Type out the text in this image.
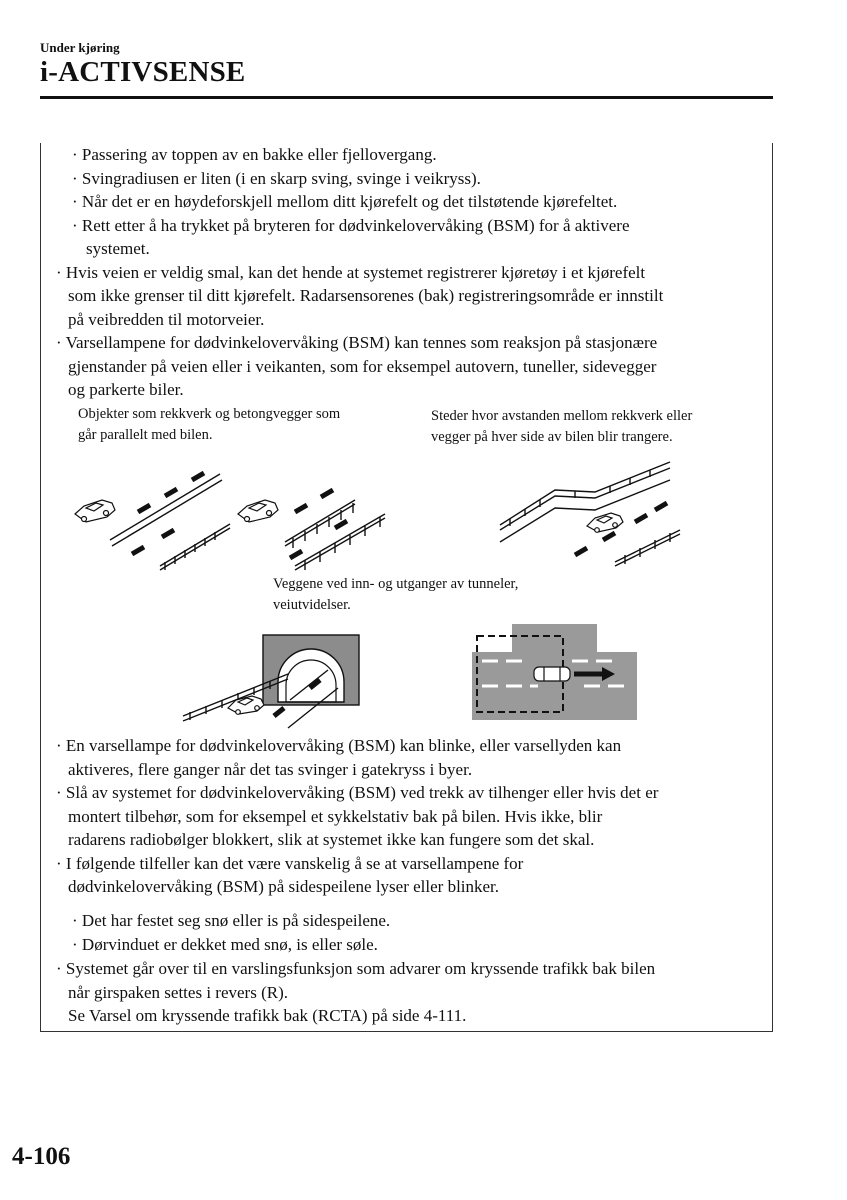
Under kjøring
i-ACTIVSENSE
· Passering av toppen av en bakke eller fjellovergang.
· Svingradiusen er liten (i en skarp sving, svinge i veikryss).
· Når det er en høydeforskjell mellom ditt kjørefelt og det tilstøtende kjørefeltet.
· Rett etter å ha trykket på bryteren for dødvinkelovervåking (BSM) for å aktivere
systemet.
· Hvis veien er veldig smal, kan det hende at systemet registrerer kjøretøy i et kjørefelt
som ikke grenser til ditt kjørefelt. Radarsensorenes (bak) registreringsområde er innstilt
på veibredden til motorveier.
· Varsellampene for dødvinkelovervåking (BSM) kan tennes som reaksjon på stasjonære
gjenstander på veien eller i veikanten, som for eksempel autovern, tuneller, sidevegger
og parkerte biler.
Objekter som rekkverk og betongvegger som
går parallelt med bilen.
Steder hvor avstanden mellom rekkverk eller
vegger på hver side av bilen blir trangere.
Veggene ved inn- og utganger av tunneler,
veiutvidelser.
· En varsellampe for dødvinkelovervåking (BSM) kan blinke, eller varsellyden kan
aktiveres, flere ganger når det tas svinger i gatekryss i byer.
· Slå av systemet for dødvinkelovervåking (BSM) ved trekk av tilhenger eller hvis det er
montert tilbehør, som for eksempel et sykkelstativ bak på bilen. Hvis ikke, blir
radarens radiobølger blokkert, slik at systemet ikke kan fungere som det skal.
· I følgende tilfeller kan det være vanskelig å se at varsellampene for
dødvinkelovervåking (BSM) på sidespeilene lyser eller blinker.
· Det har festet seg snø eller is på sidespeilene.
· Dørvinduet er dekket med snø, is eller søle.
· Systemet går over til en varslingsfunksjon som advarer om kryssende trafikk bak bilen
når girspaken settes i revers (R).
Se Varsel om kryssende trafikk bak (RCTA) på side 4-111.
4-106
